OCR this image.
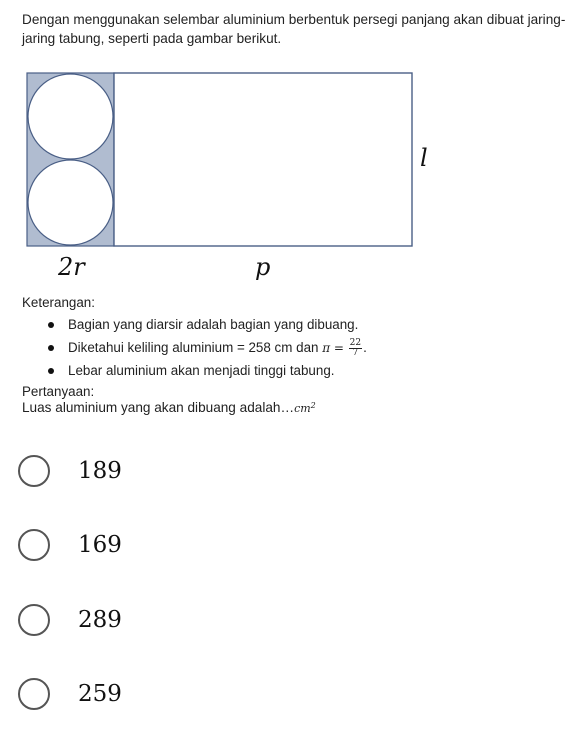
Dengan menggunakan selembar aluminium berbentuk persegi panjang akan dibuat jaring-jaring tabung, seperti pada gambar berikut.
2r	p
l
Keterangan:
Bagian yang diarsir adalah bagian yang dibuang.
Diketahui keliling aluminium = 258 cm dan $\pi = \frac{22}{7}$ .
Lebar aluminium akan menjadi tinggi tabung.
Pertanyaan:
Luas aluminium yang akan dibuang $adalah\dots cm^2$
189
169
289
259
